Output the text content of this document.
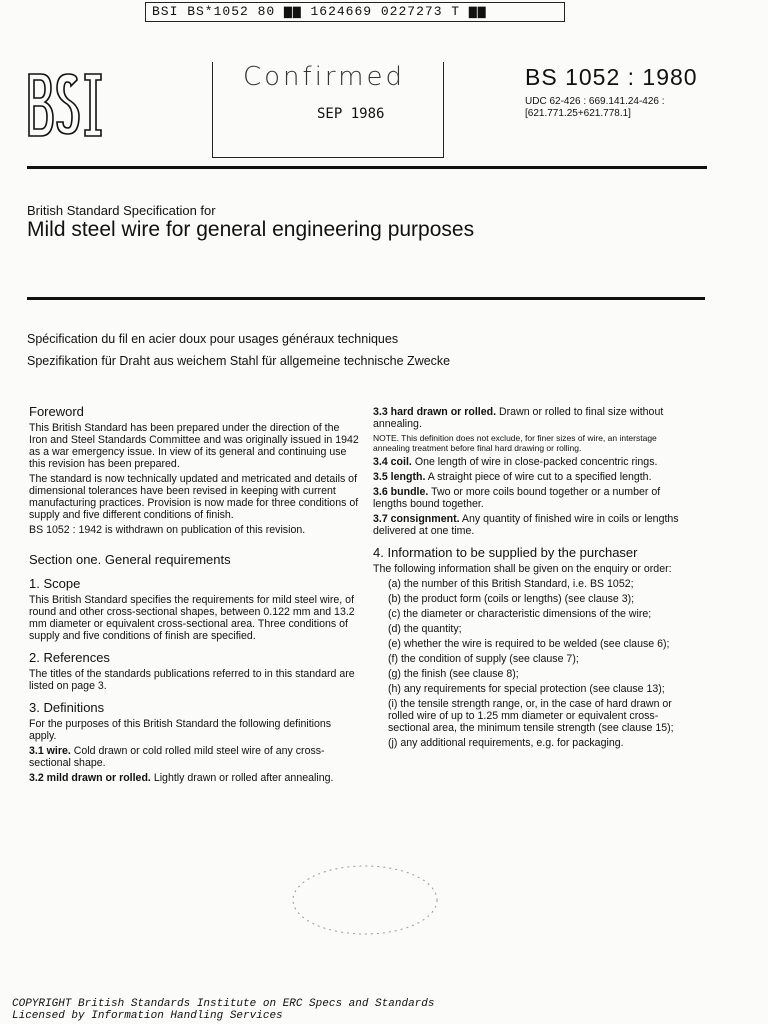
BSI BS*1052 80 ▆▆ 1624669 0227273 T ▆▆
Confirmed
SEP 1986
BS 1052 : 1980
UDC 62-426 : 669.141.24-426 :
[621.771.25+621.778.1]
British Standard Specification for
Mild steel wire for general engineering purposes
Spécification du fil en acier doux pour usages généraux techniques
Spezifikation für Draht aus weichem Stahl für allgemeine technische Zwecke
Foreword

This British Standard has been prepared under the direction of the Iron and Steel Standards Committee and was originally issued in 1942 as a war emergency issue. In view of its general and continuing use this revision has been prepared.

The standard is now technically updated and metricated and details of dimensional tolerances have been revised in keeping with current manufacturing practices. Provision is now made for three conditions of supply and five different conditions of finish.

BS 1052 : 1942 is withdrawn on publication of this revision.

Section one. General requirements
1. Scope

This British Standard specifies the requirements for mild steel wire, of round and other cross-sectional shapes, between 0.122 mm and 13.2 mm diameter or equivalent cross-sectional area. Three conditions of supply and five conditions of finish are specified.

2. References

The titles of the standards publications referred to in this standard are listed on page 3.

3. Definitions

For the purposes of this British Standard the following definitions apply.

3.1 wire. Cold drawn or cold rolled mild steel wire of any cross-sectional shape.

3.2 mild drawn or rolled. Lightly drawn or rolled after annealing.

3.3 hard drawn or rolled. Drawn or rolled to final size without annealing.

NOTE. This definition does not exclude, for finer sizes of wire, an interstage annealing treatment before final hard drawing or rolling.

3.4 coil. One length of wire in close-packed concentric rings.

3.5 length. A straight piece of wire cut to a specified length.

3.6 bundle. Two or more coils bound together or a number of lengths bound together.

3.7 consignment. Any quantity of finished wire in coils or lengths delivered at one time.

4. Information to be supplied by the purchaser

The following information shall be given on the enquiry or order:

(a) the number of this British Standard, i.e. BS 1052;

(b) the product form (coils or lengths) (see clause 3);

(c) the diameter or characteristic dimensions of the wire;

(d) the quantity;

(e) whether the wire is required to be welded (see clause 6);

(f) the condition of supply (see clause 7);

(g) the finish (see clause 8);

(h) any requirements for special protection (see clause 13);

(i) the tensile strength range, or, in the case of hard drawn or rolled wire of up to 1.25 mm diameter or equivalent cross-sectional area, the minimum tensile strength (see clause 15);

(j) any additional requirements, e.g. for packaging.

COPYRIGHT British Standards Institute on ERC Specs and Standards
Licensed by Information Handling Services
